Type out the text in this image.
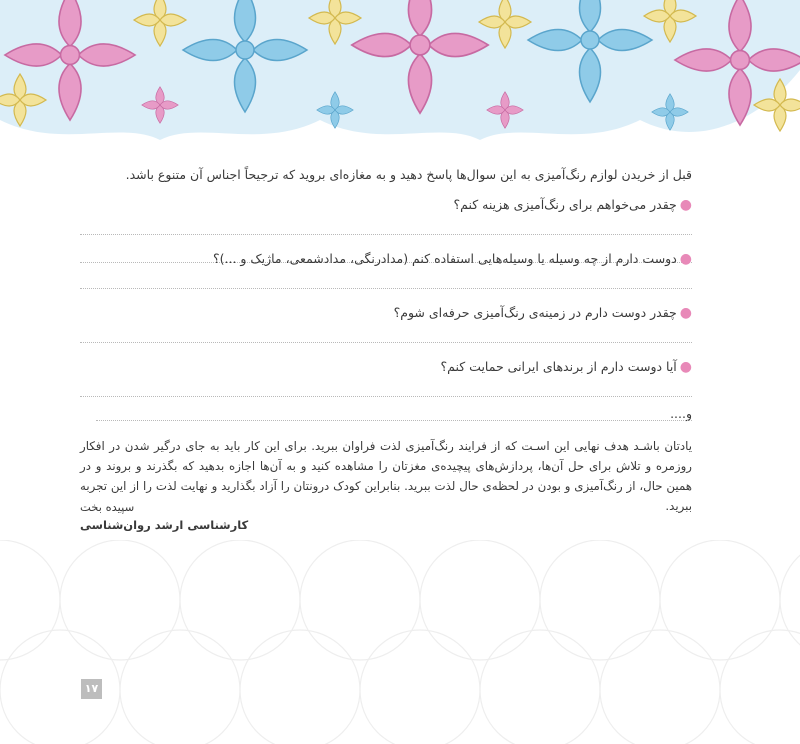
قبل از خریدن لوازم رنگ‌آمیزی به این سوال‌ها پاسخ دهید و به مغازه‌ای بروید که ترجیحاً اجناس آن متنوع باشد.

●چقدر می‌خواهم برای رنگ‌آمیزی هزینه کنم؟
●دوست دارم از چه وسیله یا وسیله‌هایی استفاده کنم (مدادرنگی، مدادشمعی، ماژیک و ...)؟
●چقدر دوست دارم در زمینه‌ی رنگ‌آمیزی حرفه‌ای شوم؟
●آیا دوست دارم از برندهای ایرانی حمایت کنم؟
و....

یادتان باشـد هدف نهایی این اسـت که از فرایند رنگ‌آمیزی لذت فراوان ببرید. برای این کار باید به جای درگیر شدن در افکار روزمره و تلاش برای حل آن‌ها، پردازش‌های پیچیده‌ی مغزتان را مشاهده کنید و به آن‌ها اجازه بدهید که بگذرند و بروند و در همین حال، از رنگ‌آمیزی و بودن در لحظه‌ی حال لذت ببرید. بنابراین کودک درونتان را آزاد بگذارید و نهایت لذت را از این تجربه ببرید.

سپیده بخت
کارشناسی ارشد روان‌شناسی
۱۷
